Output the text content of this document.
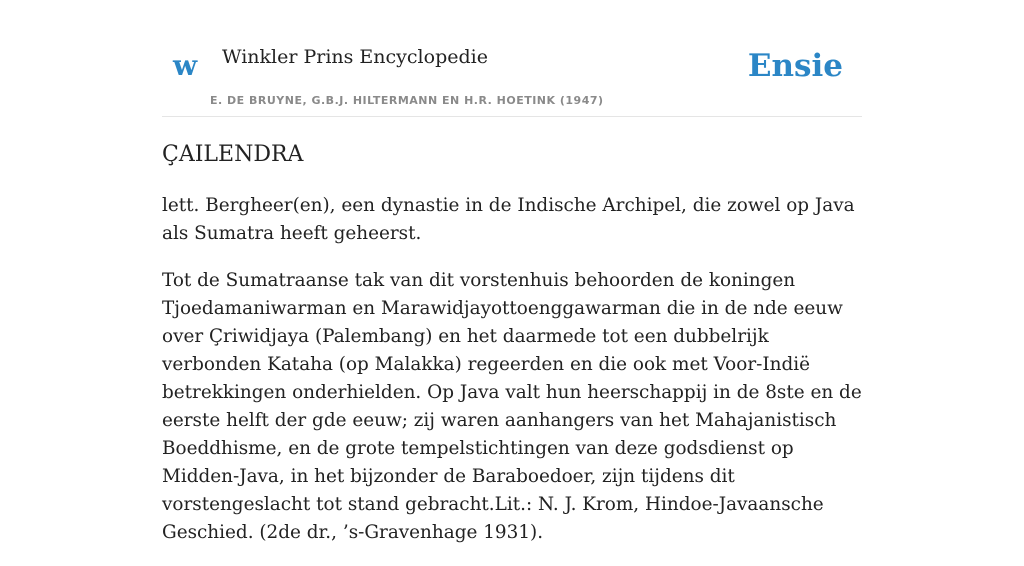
w Winkler Prins Encyclopedie
E. DE BRUYNE, G.B.J. HILTERMANN EN H.R. HOETINK (1947)
Ensie
ÇAILENDRA

lett. Bergheer(en), een dynastie in de Indische Archipel, die zowel op Java als Sumatra heeft geheerst.

Tot de Sumatraanse tak van dit vorstenhuis behoorden de koningen Tjoedamaniwarman en Marawidjayottoenggawarman die in de nde eeuw over Çriwidjaya (Palembang) en het daarmede tot een dubbelrijk verbonden Kataha (op Malakka) regeerden en die ook met Voor-Indië betrekkingen onderhielden. Op Java valt hun heerschappij in de 8ste en de eerste helft der gde eeuw; zij waren aanhangers van het Mahajanistisch Boeddhisme, en de grote tempelstichtingen van deze godsdienst op Midden-Java, in het bijzonder de Baraboedoer, zijn tijdens dit vorstengeslacht tot stand gebracht.Lit.: N. J. Krom, Hindoe-Javaansche Geschied. (2de dr., ’s-Gravenhage 1931).
